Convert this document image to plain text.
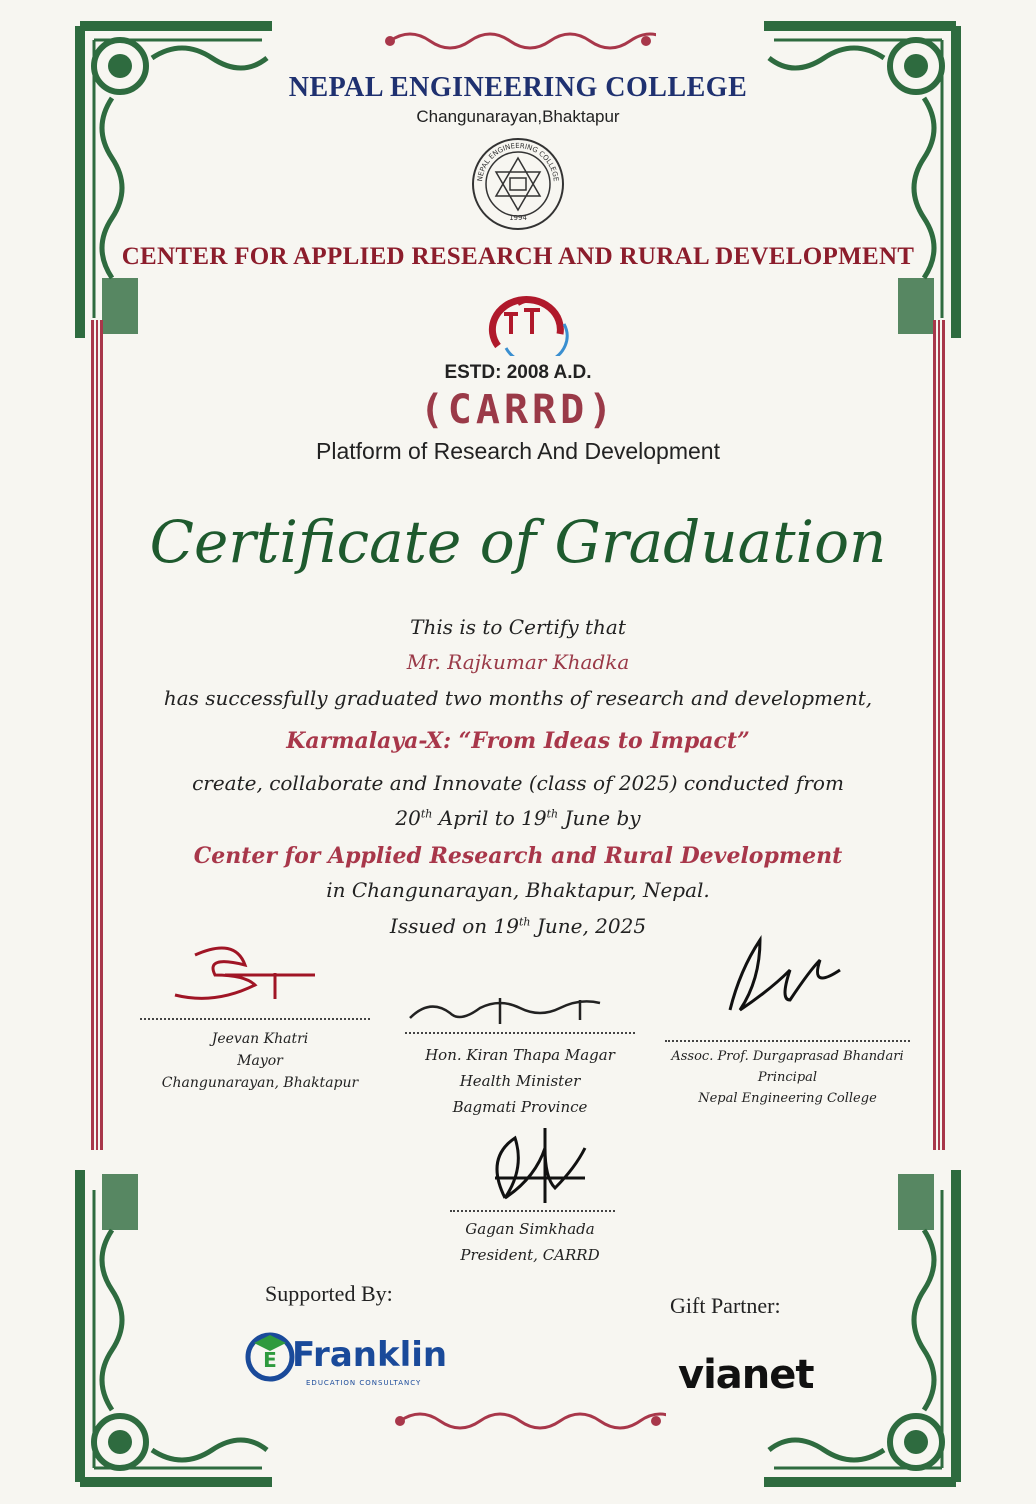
NEPAL ENGINEERING COLLEGE
Changunarayan,Bhaktapur
NEPAL ENGINEERING COLLEGE
1994
CENTER FOR APPLIED RESEARCH AND RURAL DEVELOPMENT
ESTD: 2008 A.D.
(CARRD)
Platform of Research And Development
Certificate of Graduation
This is to Certify that
Mr. Rajkumar Khadka
has successfully graduated two months of research and development,
Karmalaya-X: “From Ideas to Impact”
create, collaborate and Innovate (class of 2025) conducted from
20th April to 19th June by
Center for Applied Research and Rural Development
in Changunarayan, Bhaktapur, Nepal.
Issued on 19th June, 2025
Jeevan Khatri
Mayor
Changunarayan, Bhaktapur
Hon. Kiran Thapa Magar
Health Minister
Bagmati Province
Assoc. Prof. Durgaprasad Bhandari
Principal
Nepal Engineering College
Gagan Simkhada
President, CARRD
Supported By:
E Franklin
EDUCATION CONSULTANCY
Gift Partner:
vianet
